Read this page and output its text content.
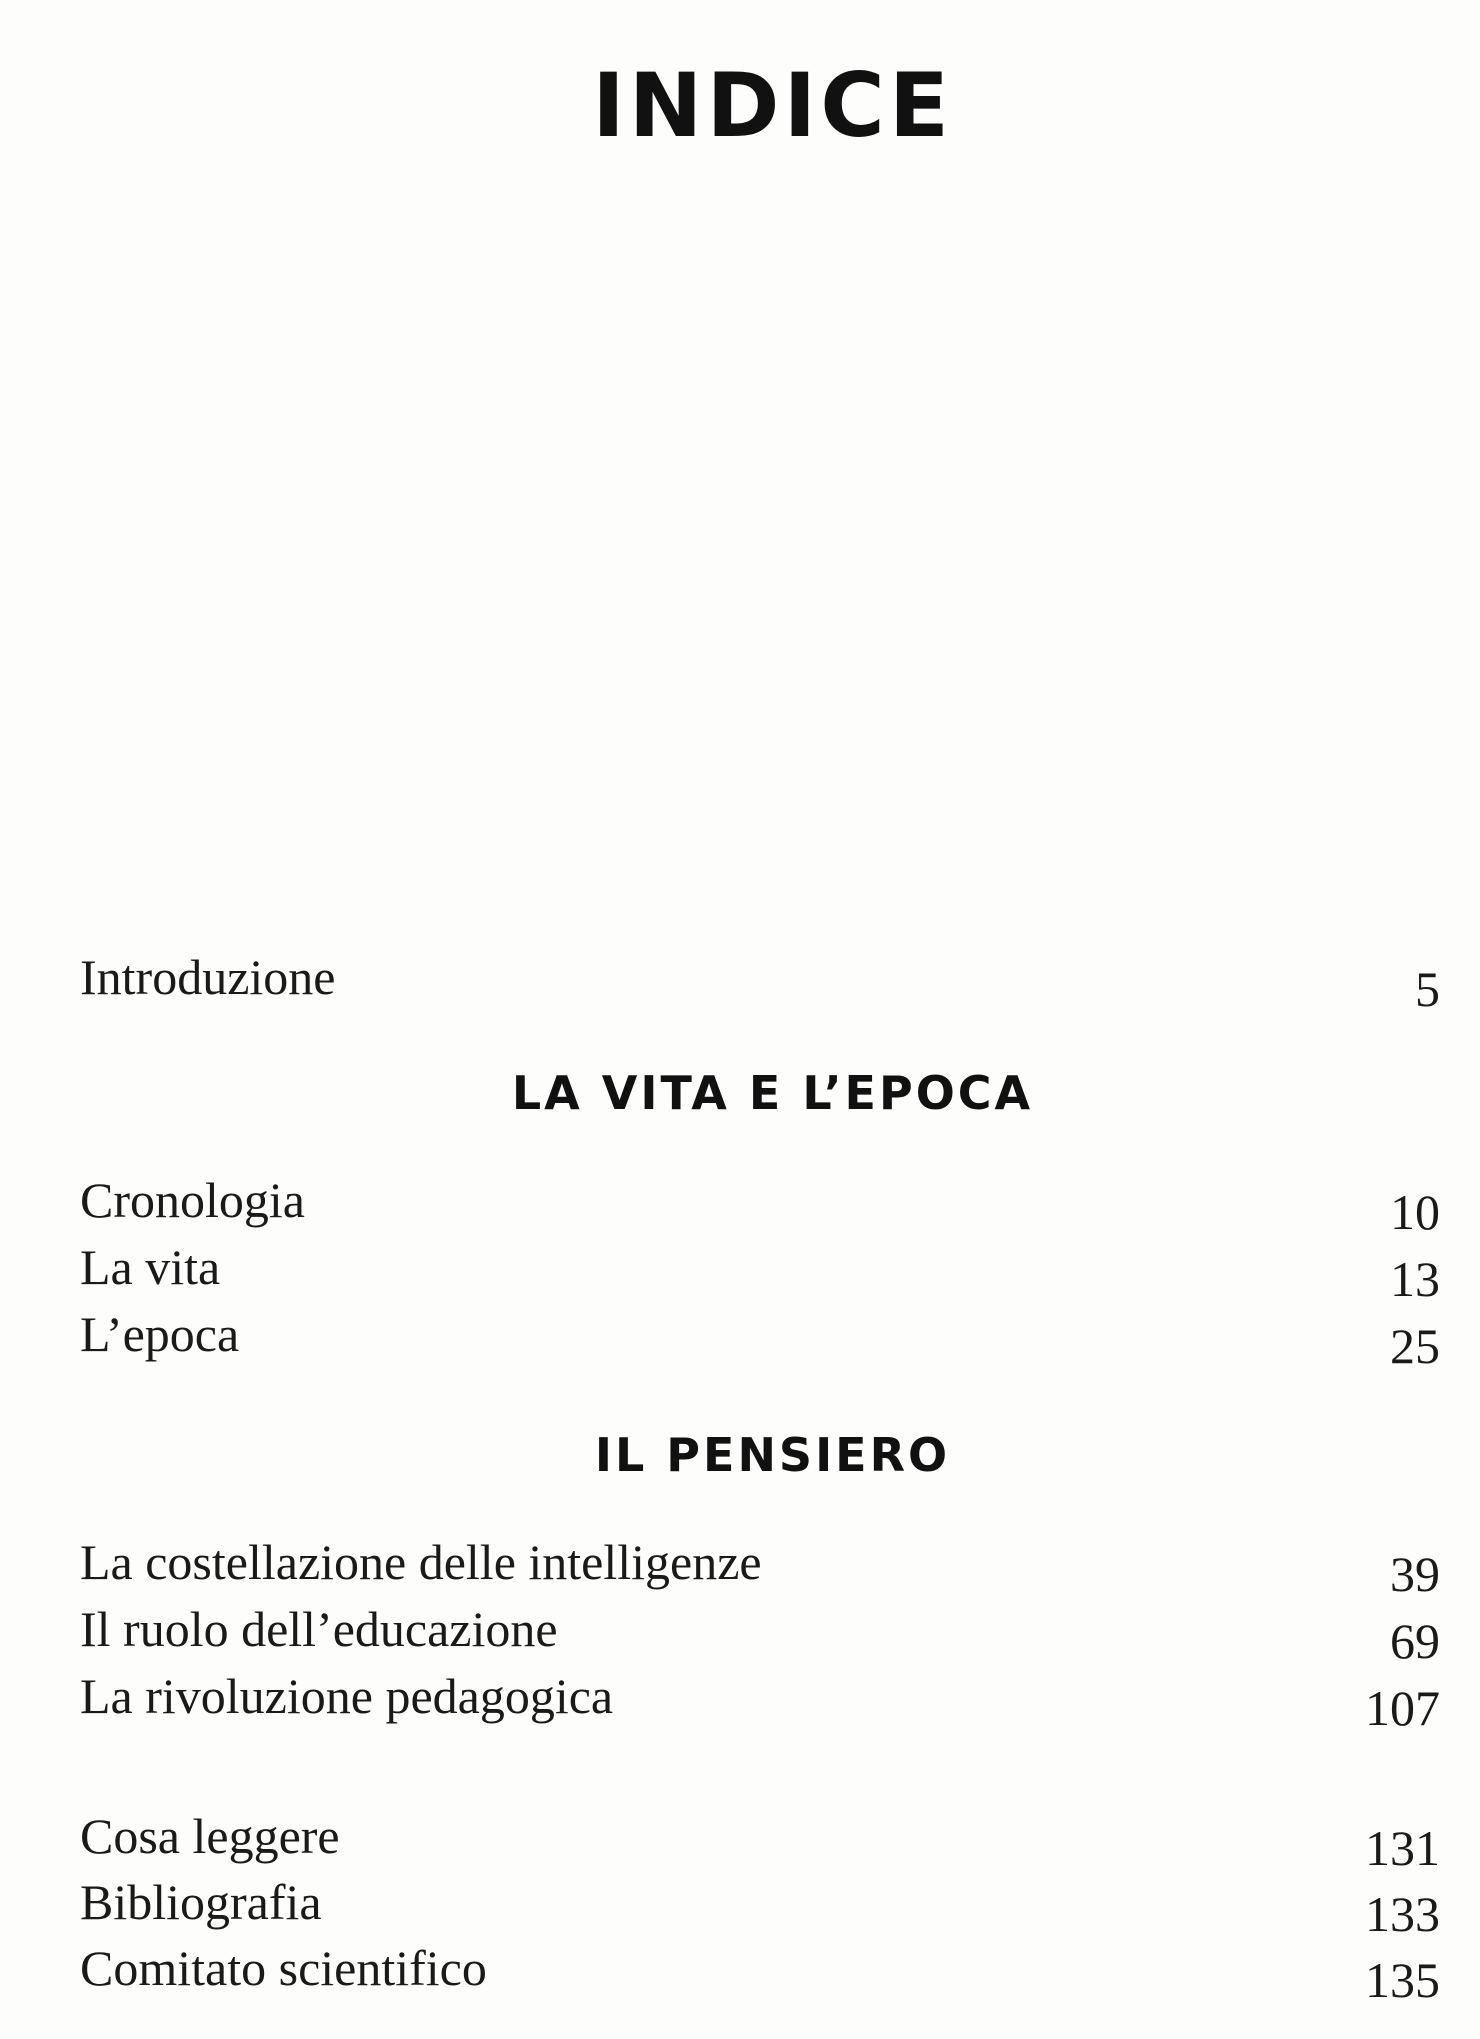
INDICE
Introduzione	5
LA VITA E L’EPOCA
Cronologia	10
La vita	13
L’epoca	25
IL PENSIERO
La costellazione delle intelligenze	39
Il ruolo dell’educazione	69
La rivoluzione pedagogica	107
Cosa leggere	131
Bibliografia	133
Comitato scientifico	135
